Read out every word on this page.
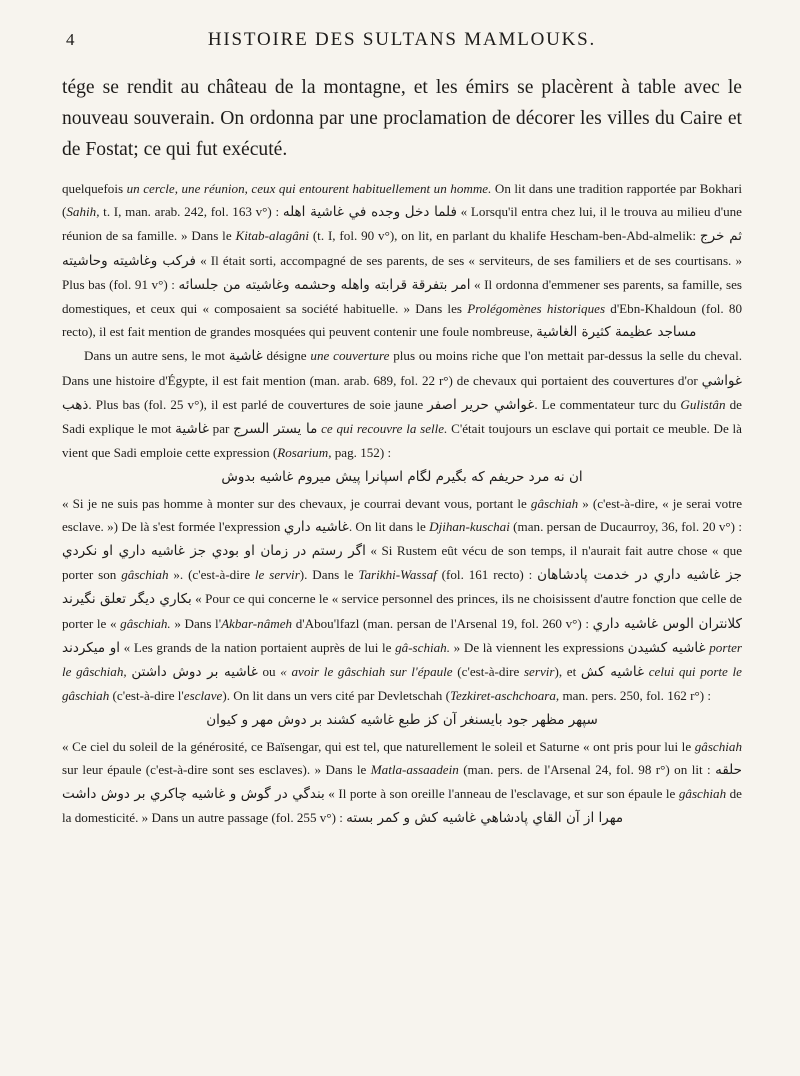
4	HISTOIRE DES SULTANS MAMLOUKS.

tége se rendit au château de la montagne, et les émirs se placèrent à table avec le nouveau souverain. On ordonna par une proclamation de décorer les villes du Caire et de Fostat; ce qui fut exécuté.

quelquefois un cercle, une réunion, ceux qui entourent habituellement un homme. On lit dans une tradition rapportée par Bokhari (Sahih, t. I, man. arab. 242, fol. 163 v°) : فلما دخل وجده في غاشية اهله « Lorsqu'il entra chez lui, il le trouva au milieu d'une réunion de sa famille. » Dans le Kitab-alagâni (t. I, fol. 90 v°), on lit, en parlant du khalife Hescham-ben-Abd-almelik: ثم خرج فركب وغاشيته وحاشيته « Il était sorti, accompagné de ses parents, de ses « serviteurs, de ses familiers et de ses courtisans. » Plus bas (fol. 91 v°) : امر بتفرقة قرابته واهله وحشمه وغاشيته من جلسائه « Il ordonna d'emmener ses parents, sa famille, ses domestiques, et ceux qui « composaient sa société habituelle. » Dans les Prolégomènes historiques d'Ebn-Khaldoun (fol. 80 recto), il est fait mention de grandes mosquées qui peuvent contenir une foule nombreuse, مساجد عظيمة كثيرة الغاشية

Dans un autre sens, le mot غاشية désigne une couverture plus ou moins riche que l'on mettait par-dessus la selle du cheval. Dans une histoire d'Égypte, il est fait mention (man. arab. 689, fol. 22 r°) de chevaux qui portaient des couvertures d'or غواشي ذهب. Plus bas (fol. 25 v°), il est parlé de couvertures de soie jaune غواشي حرير اصفر. Le commentateur turc du Gulistân de Sadi explique le mot غاشية par ما يستر السرج ce qui recouvre la selle. C'était toujours un esclave qui portait ce meuble. De là vient que Sadi emploie cette expression (Rosarium, pag. 152) :

ان نه مرد حريفم كه بگيرم لگام اسپانرا پيش ميروم غاشيه بدوش

« Si je ne suis pas homme à monter sur des chevaux, je courrai devant vous, portant le gâschiah » (c'est-à-dire, « je serai votre esclave. ») De là s'est formée l'expression غاشيه داري. On lit dans le Djihan-kuschai (man. persan de Ducaurroy, 36, fol. 20 v°) : اگر رستم در زمان او بودي جز غاشيه داري او نكردي « Si Rustem eût vécu de son temps, il n'aurait fait autre chose « que porter son gâschiah ». (c'est-à-dire le servir). Dans le Tarikhi-Wassaf (fol. 161 recto) : جز غاشيه داري در خدمت پادشاهان بكاري ديگر تعلق نگيرند « Pour ce qui concerne le « service personnel des princes, ils ne choisissent d'autre fonction que celle de porter le « gâschiah. » Dans l'Akbar-nâmeh d'Abou'lfazl (man. persan de l'Arsenal 19, fol. 260 v°) : كلانتران الوس غاشيه داري او ميكردند « Les grands de la nation portaient auprès de lui le gâ-schiah. » De là viennent les expressions غاشيه كشيدن porter le gâschiah, غاشيه بر دوش داشتن ou « avoir le gâschiah sur l'épaule (c'est-à-dire servir), et غاشيه كش celui qui porte le gâschiah (c'est-à-dire l'esclave). On lit dans un vers cité par Devletschah (Tezkiret-aschchoara, man. pers. 250, fol. 162 r°) :

سپهر مظهر جود بايسنغر آن كز طبع غاشيه كشند بر دوش مهر و كيوان

« Ce ciel du soleil de la générosité, ce Baïsengar, qui est tel, que naturellement le soleil et Saturne « ont pris pour lui le gâschiah sur leur épaule (c'est-à-dire sont ses esclaves). » Dans le Matla-assaadein (man. pers. de l'Arsenal 24, fol. 98 r°) on lit : حلقه بندگي در گوش و غاشيه چاكري بر دوش داشت « Il porte à son oreille l'anneau de l'esclavage, et sur son épaule le gâschiah de la domesticité. » Dans un autre passage (fol. 255 v°) : مهرا از آن القاي پادشاهي غاشيه كش و كمر بسته
